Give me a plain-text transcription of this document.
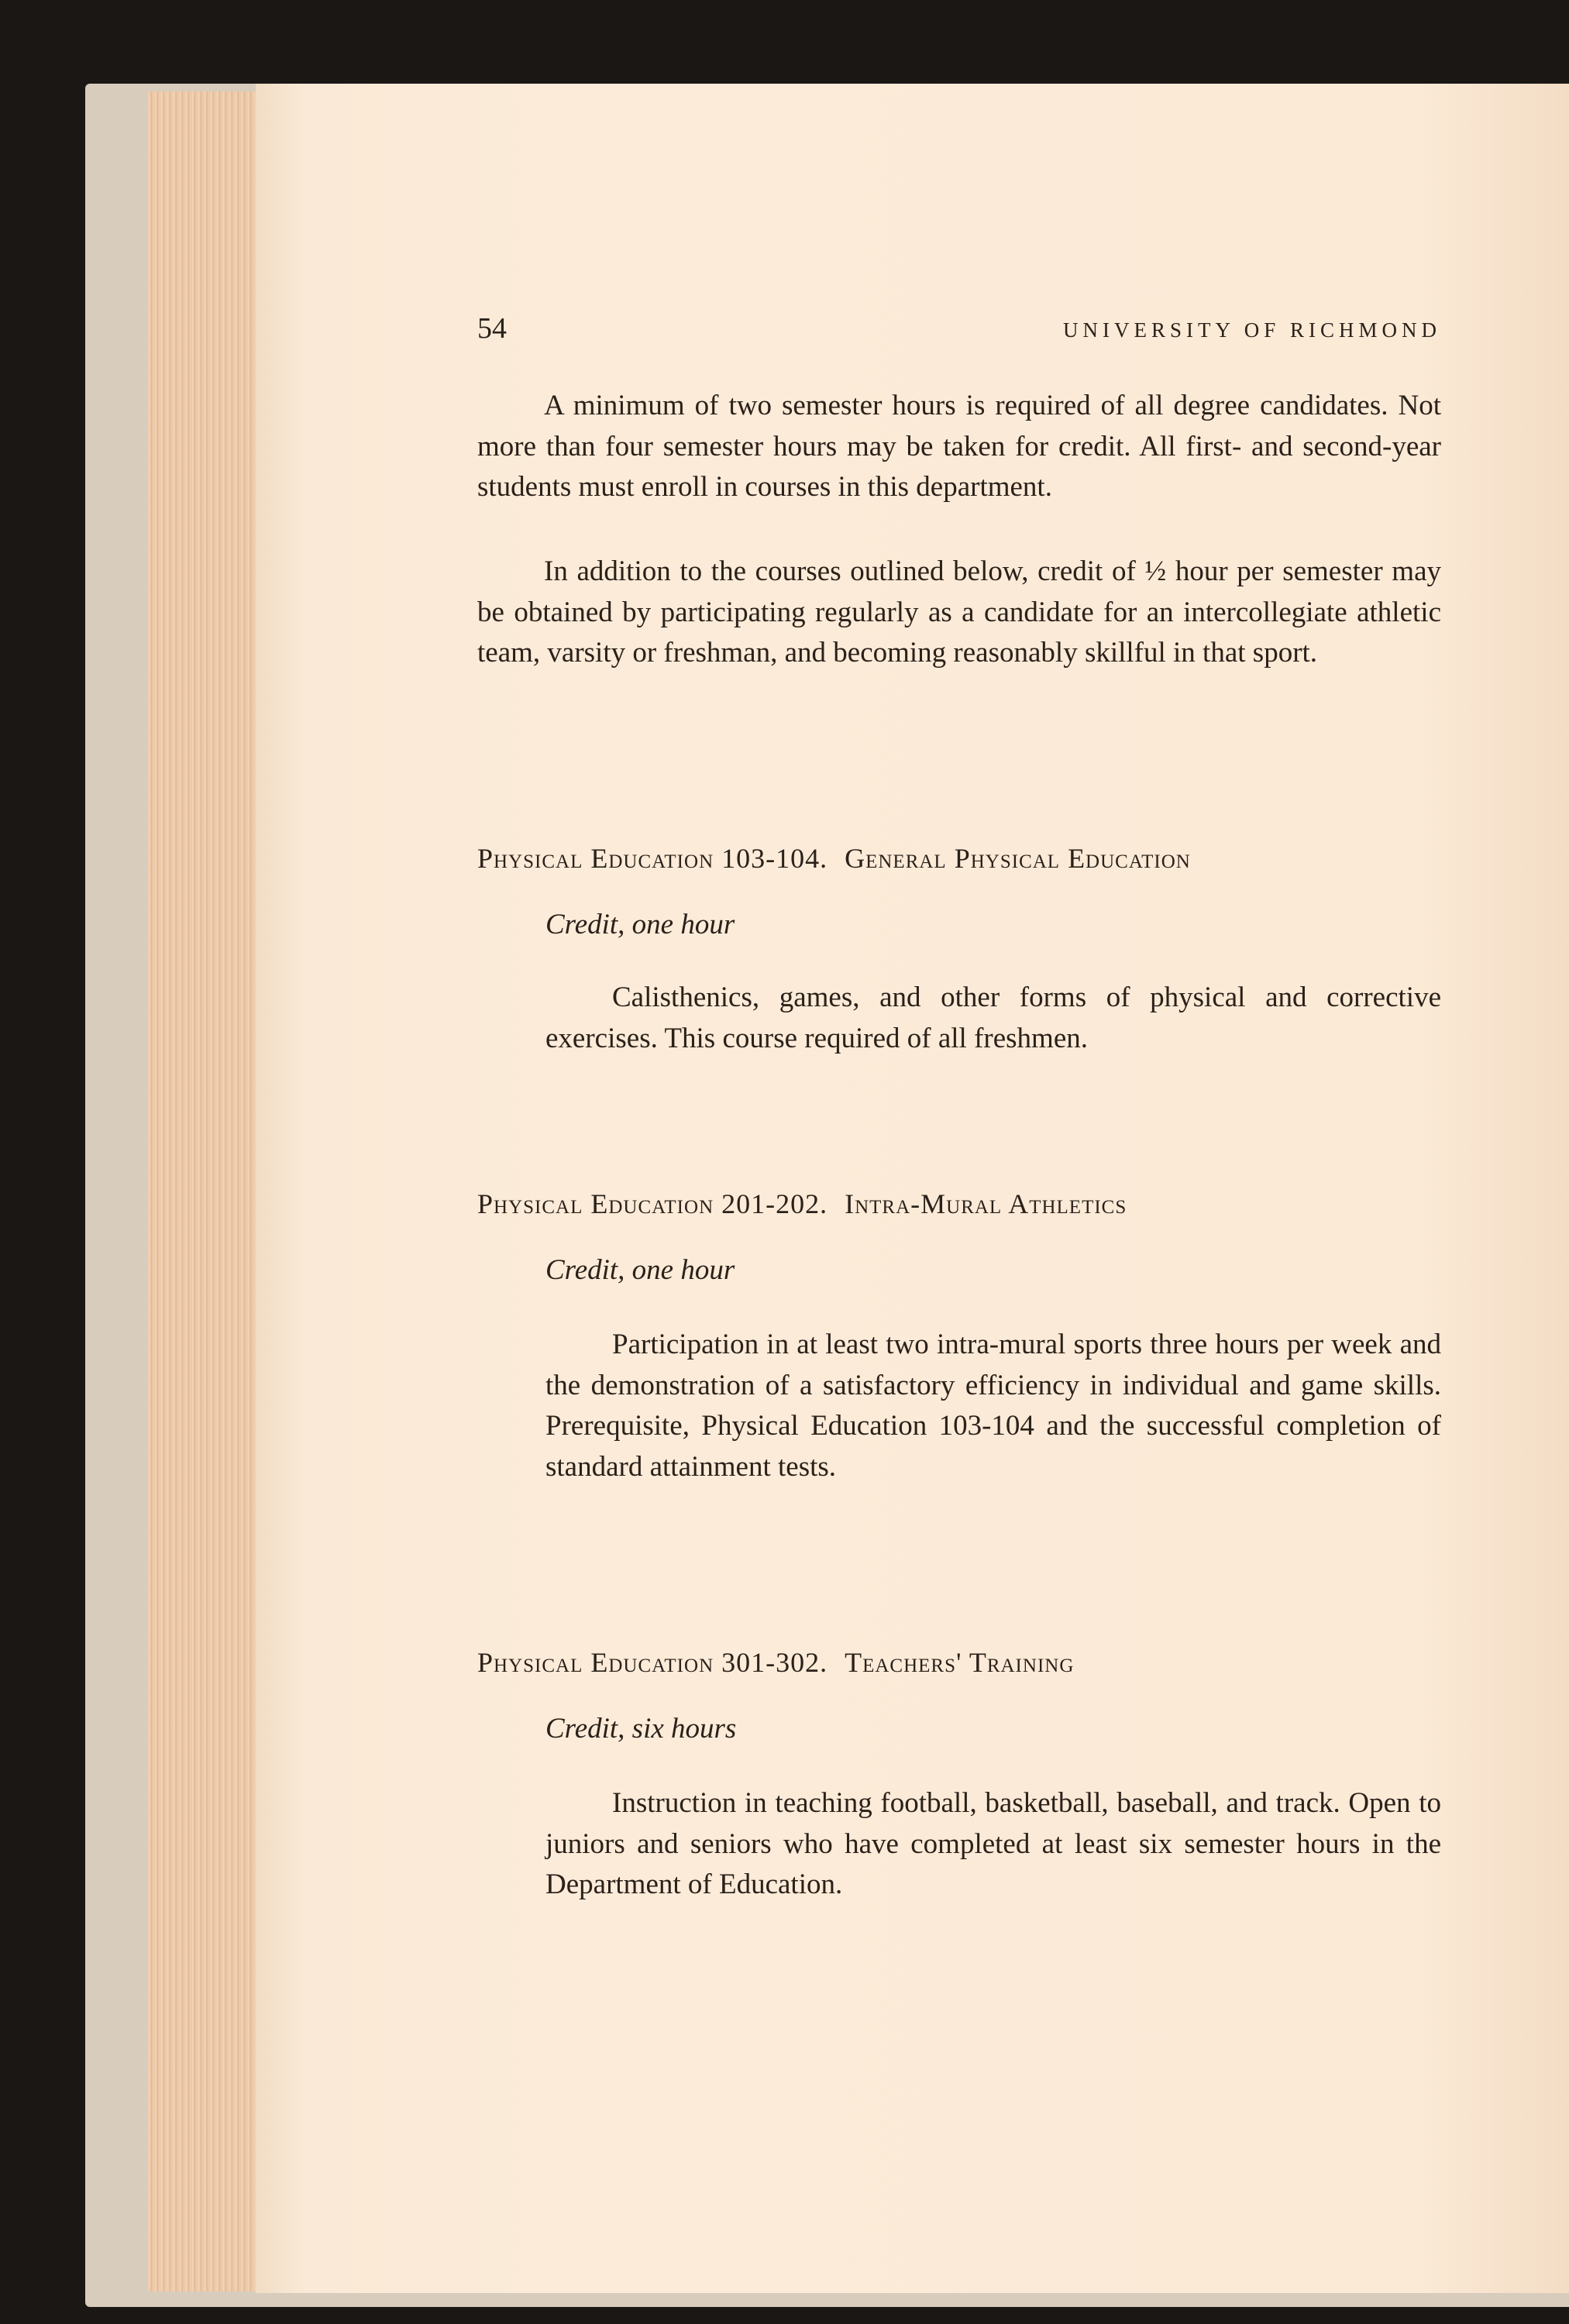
54	UNIVERSITY OF RICHMOND
A minimum of two semester hours is required of all degree candidates. Not more than four semester hours may be taken for credit. All first- and second-year students must enroll in courses in this department.
In addition to the courses outlined below, credit of ½ hour per semester may be obtained by participating regularly as a candidate for an intercollegiate athletic team, varsity or freshman, and becoming reasonably skillful in that sport.
Physical Education 103-104. General Physical Education
Credit, one hour
Calisthenics, games, and other forms of physical and corrective exercises. This course required of all freshmen.
Physical Education 201-202. Intra-Mural Athletics
Credit, one hour
Participation in at least two intra-mural sports three hours per week and the demonstration of a satisfactory efficiency in individual and game skills. Prerequisite, Physical Education 103-104 and the successful completion of standard attainment tests.
Physical Education 301-302. Teachers' Training
Credit, six hours
Instruction in teaching football, basketball, baseball, and track. Open to juniors and seniors who have completed at least six semester hours in the Department of Education.
